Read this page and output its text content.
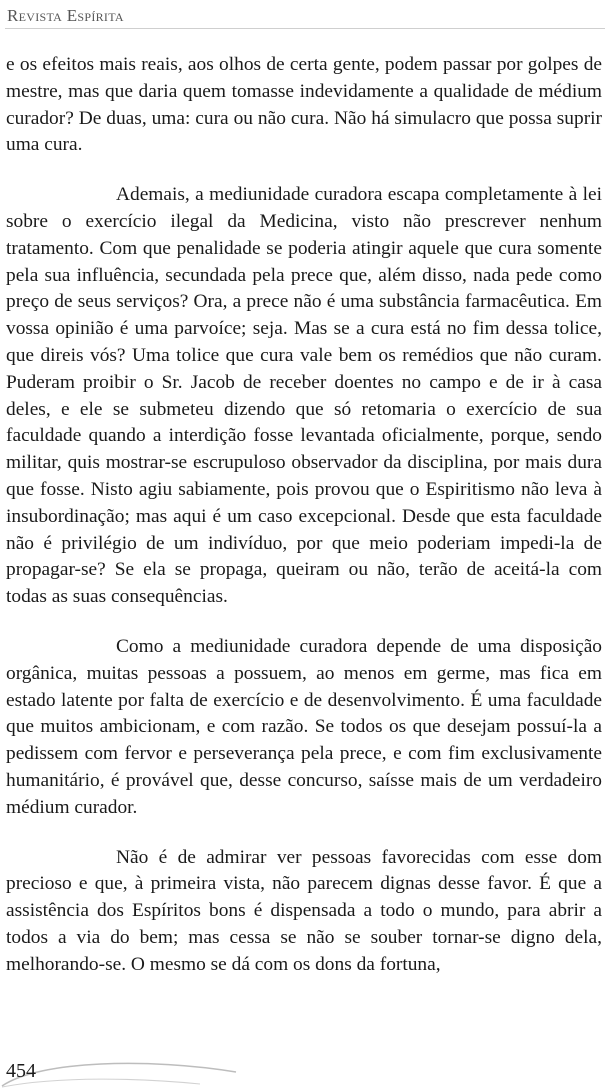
Revista Espírita

e os efeitos mais reais, aos olhos de certa gente, podem passar por golpes de mestre, mas que daria quem tomasse indevidamente a qualidade de médium curador? De duas, uma: cura ou não cura. Não há simulacro que possa suprir uma cura.

Ademais, a mediunidade curadora escapa completamente à lei sobre o exercício ilegal da Medicina, visto não prescrever nenhum tratamento. Com que penalidade se poderia atingir aquele que cura somente pela sua influência, secundada pela prece que, além disso, nada pede como preço de seus serviços? Ora, a prece não é uma substância farmacêutica. Em vossa opinião é uma parvoíce; seja. Mas se a cura está no fim dessa tolice, que direis vós? Uma tolice que cura vale bem os remédios que não curam. Puderam proibir o Sr. Jacob de receber doentes no campo e de ir à casa deles, e ele se submeteu dizendo que só retomaria o exercício de sua faculdade quando a interdição fosse levantada oficialmente, porque, sendo militar, quis mostrar-se escrupuloso observador da disciplina, por mais dura que fosse. Nisto agiu sabiamente, pois provou que o Espiritismo não leva à insubordinação; mas aqui é um caso excepcional. Desde que esta faculdade não é privilégio de um indivíduo, por que meio poderiam impedi-la de propagar-se? Se ela se propaga, queiram ou não, terão de aceitá-la com todas as suas consequências.

Como a mediunidade curadora depende de uma disposição orgânica, muitas pessoas a possuem, ao menos em germe, mas fica em estado latente por falta de exercício e de desenvolvimento. É uma faculdade que muitos ambicionam, e com razão. Se todos os que desejam possuí-la a pedissem com fervor e perseverança pela prece, e com fim exclusivamente humanitário, é provável que, desse concurso, saísse mais de um verdadeiro médium curador.

Não é de admirar ver pessoas favorecidas com esse dom precioso e que, à primeira vista, não parecem dignas desse favor. É que a assistência dos Espíritos bons é dispensada a todo o mundo, para abrir a todos a via do bem; mas cessa se não se souber tornar-se digno dela, melhorando-se. O mesmo se dá com os dons da fortuna,

454
